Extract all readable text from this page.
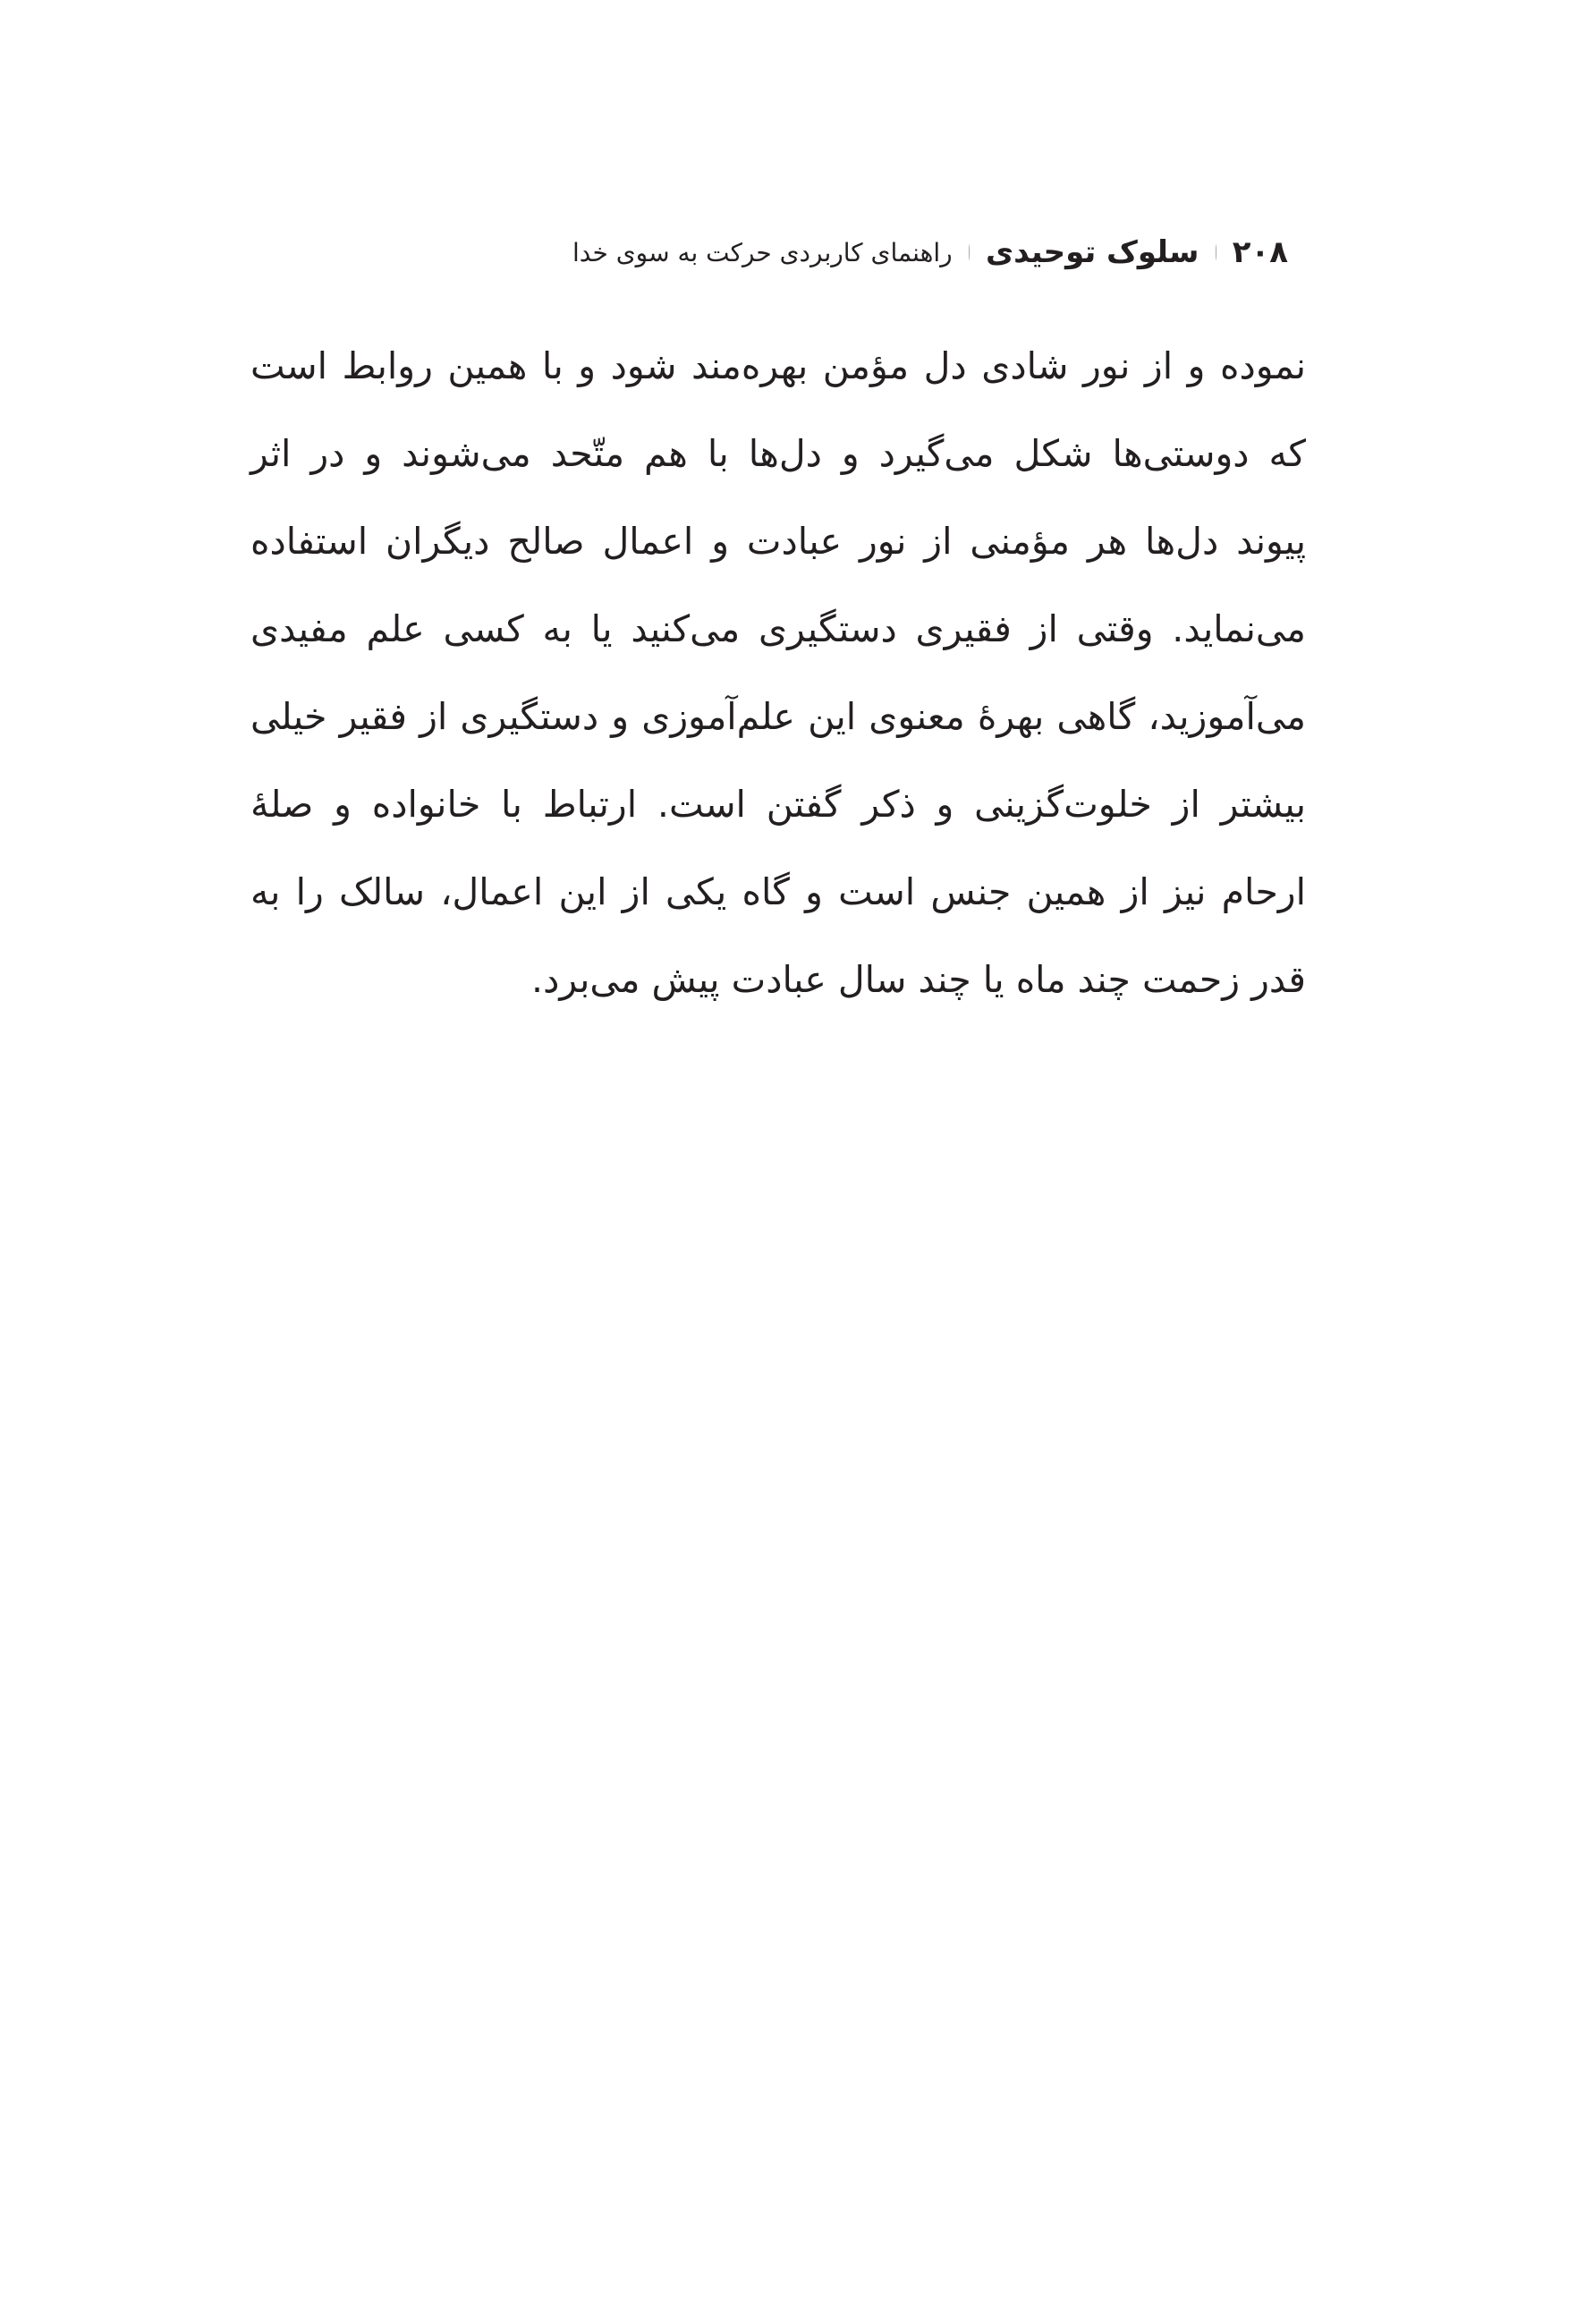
۲۰۸
سلوک توحیدی
راهنمای کاربردی حرکت به سوی خدا
نموده و از نور شادی دل مؤمن بهره‌مند شود و با همین روابط است
که دوستی‌ها شکل می‌گیرد و دل‌ها با هم متّحد می‌شوند و در اثر
پیوند دل‌ها هر مؤمنی از نور عبادت و اعمال صالح دیگران استفاده
می‌نماید. وقتی از فقیری دستگیری می‌کنید یا به کسی علم مفیدی
می‌آموزید، گاهی بهرۀ معنوی این علم‌آموزی و دستگیری از فقیر خیلی
بیشتر از خلوت‌گزینی و ذکر گفتن است. ارتباط با خانواده و صلۀ
ارحام نیز از همین جنس است و گاه یکی از این اعمال، سالک را به
قدر زحمت چند ماه یا چند سال عبادت پیش می‌برد.
